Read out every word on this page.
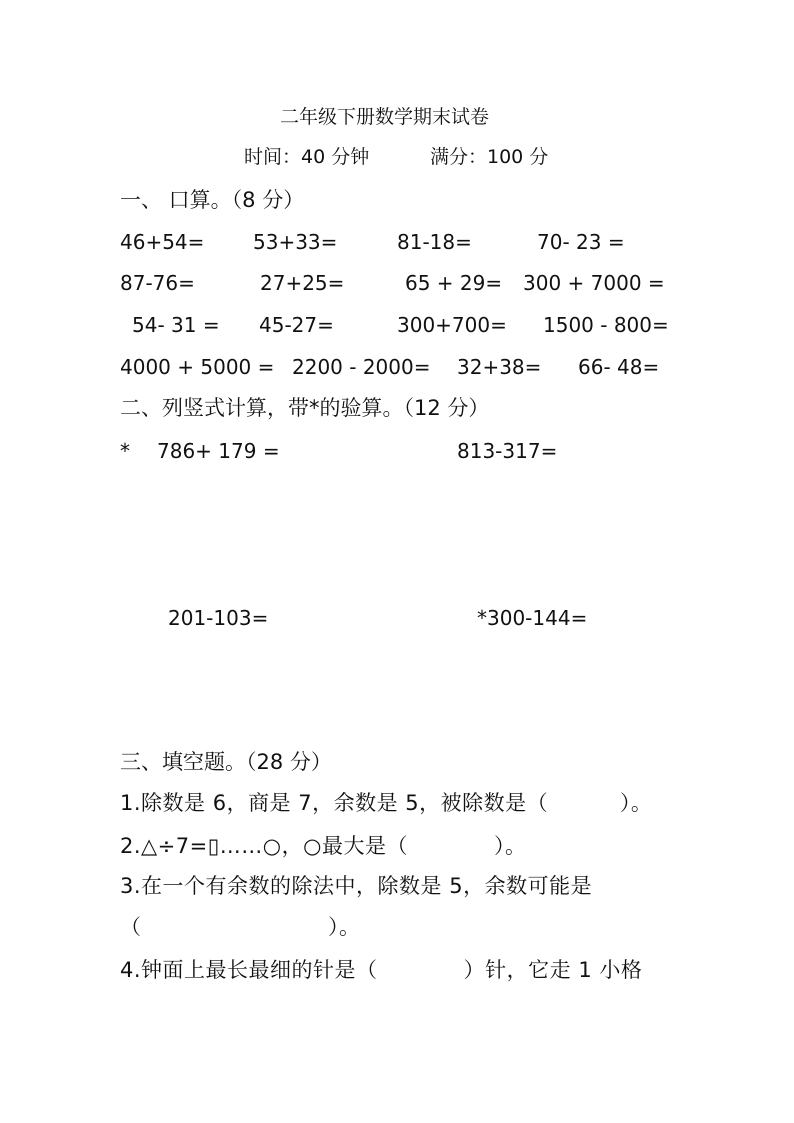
二年级下册数学期末试卷
时间：40 分钟	满分：100 分
一、 口算。（8 分）
46+54= 53+33=	81-18=	70- 23 =
87-76=	27+25=	65 + 29= 300 + 7000 =
54- 31 = 45-27=	300+700= 1500 - 800=
4000 + 5000 = 2200 - 2000= 32+38= 66- 48=
二、列竖式计算，带*的验算。（12 分）
* 786+ 179 =	813-317=
201-103=	*300-144=
三、填空题。（28 分）
1.除数是 6，商是 7，余数是 5，被除数是（          ）。
2.△÷7=▯……○，○最大是（            ）。
3.在一个有余数的除法中，除数是 5，余数可能是
（                          ）。
4.钟面上最长最细的针是（            ）针，它走 1 小格
